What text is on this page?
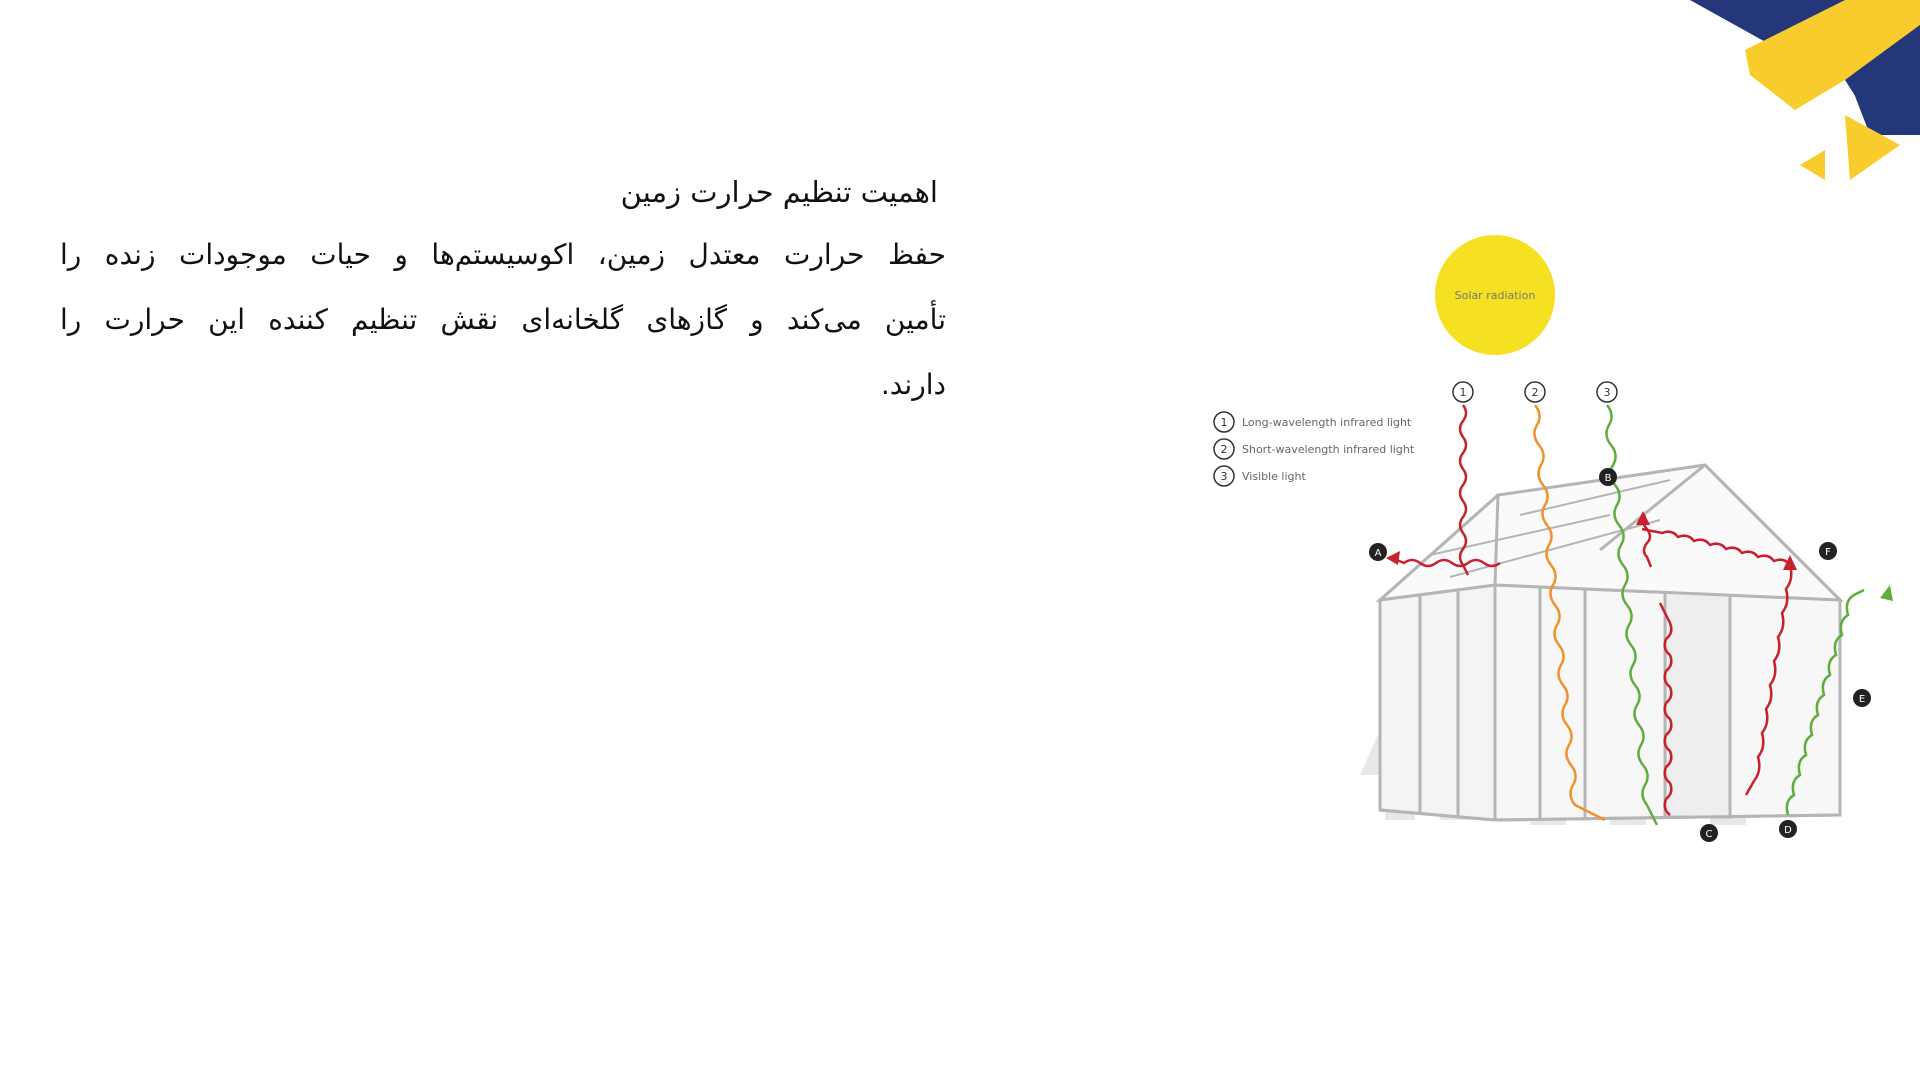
اهمیت تنظیم حرارت زمین

حفظ حرارت معتدل زمین، اکوسیستم‌ها و حیات موجودات زنده را
تأمین می‌کند و گازهای گلخانه‌ای نقش تنظیم کننده این حرارت را
دارند.

Solar radiation
1	2	3
1 Long-wavelength infrared light
2 Short-wavelength infrared light
3 Visible light
A
B
C	D
E
F
